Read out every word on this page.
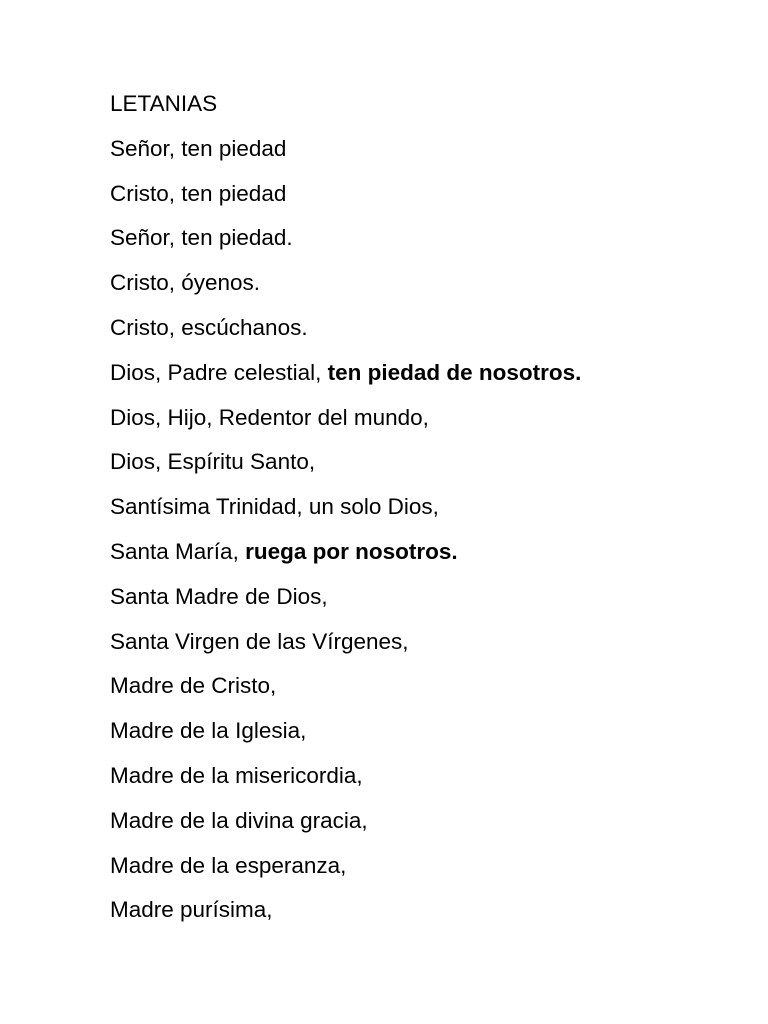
LETANIAS
Señor, ten piedad
Cristo, ten piedad
Señor, ten piedad.
Cristo, óyenos.
Cristo, escúchanos.
Dios, Padre celestial, ten piedad de nosotros.
Dios, Hijo, Redentor del mundo,
Dios, Espíritu Santo,
Santísima Trinidad, un solo Dios,
Santa María, ruega por nosotros.
Santa Madre de Dios,
Santa Virgen de las Vírgenes,
Madre de Cristo,
Madre de la Iglesia,
Madre de la misericordia,
Madre de la divina gracia,
Madre de la esperanza,
Madre purísima,
